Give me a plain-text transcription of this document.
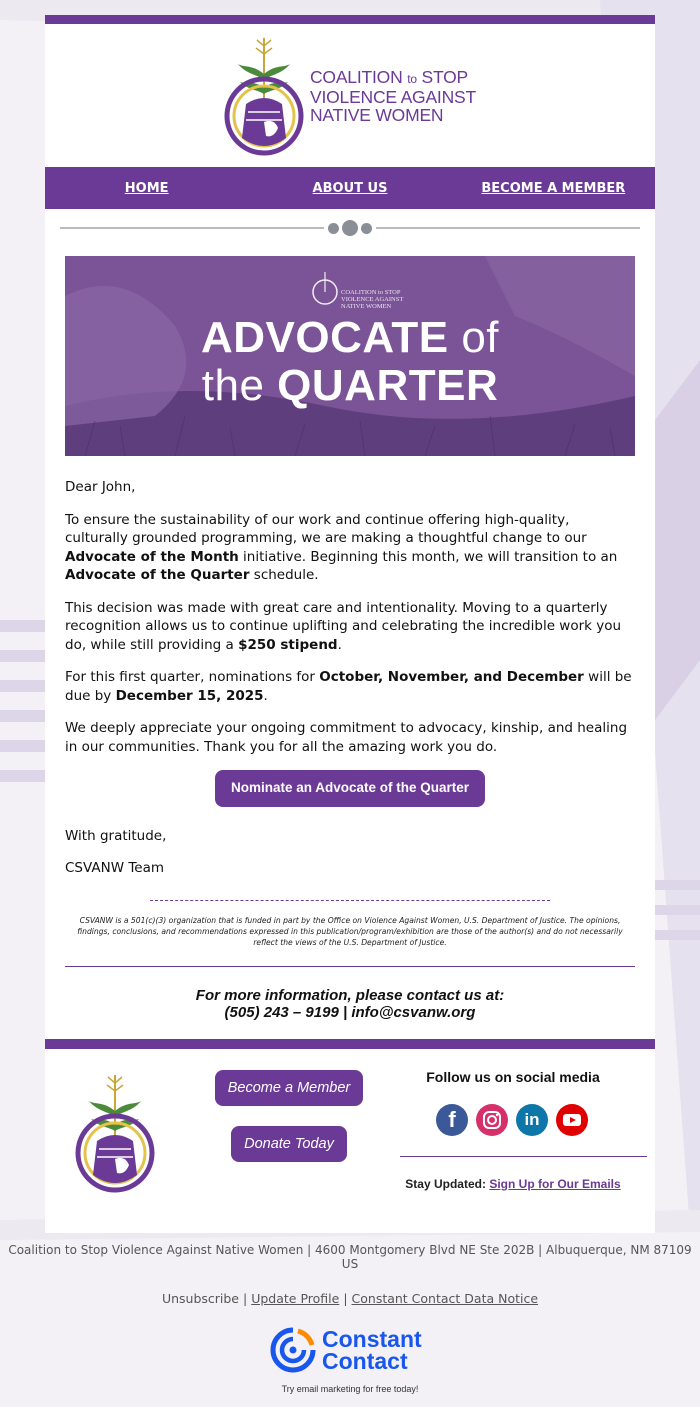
COALITION to STOP
VIOLENCE AGAINST
NATIVE WOMEN
HOME	ABOUT US	BECOME A MEMBER
COALITION to STOP
VIOLENCE AGAINST
NATIVE WOMEN
ADVOCATE of
the QUARTER

Dear John,

To ensure the sustainability of our work and continue offering high-quality, culturally grounded programming, we are making a thoughtful change to our Advocate of the Month initiative. Beginning this month, we will transition to an Advocate of the Quarter schedule.

This decision was made with great care and intentionality. Moving to a quarterly recognition allows us to continue uplifting and celebrating the incredible work you do, while still providing a $250 stipend.

For this first quarter, nominations for October, November, and December will be due by December 15, 2025.

We deeply appreciate your ongoing commitment to advocacy, kinship, and healing in our communities. Thank you for all the amazing work you do.

Nominate an Advocate of the Quarter

With gratitude,

CSVANW Team

CSVANW is a 501(c)(3) organization that is funded in part by the Office on Violence Against Women, U.S. Department of Justice. The opinions, findings, conclusions, and recommendations expressed in this publication/program/exhibition are those of the author(s) and do not necessarily reflect the views of the U.S. Department of Justice.
For more information, please contact us at:
(505) 243 – 9199 | info@csvanw.org
Become a Member
Donate Today
Follow us on social media
f	in
Stay Updated: Sign Up for Our Emails
Coalition to Stop Violence Against Native Women | 4600 Montgomery Blvd NE Ste 202B | Albuquerque, NM 87109 US
Unsubscribe | Update Profile | Constant Contact Data Notice
Constant
Contact
Try email marketing for free today!
